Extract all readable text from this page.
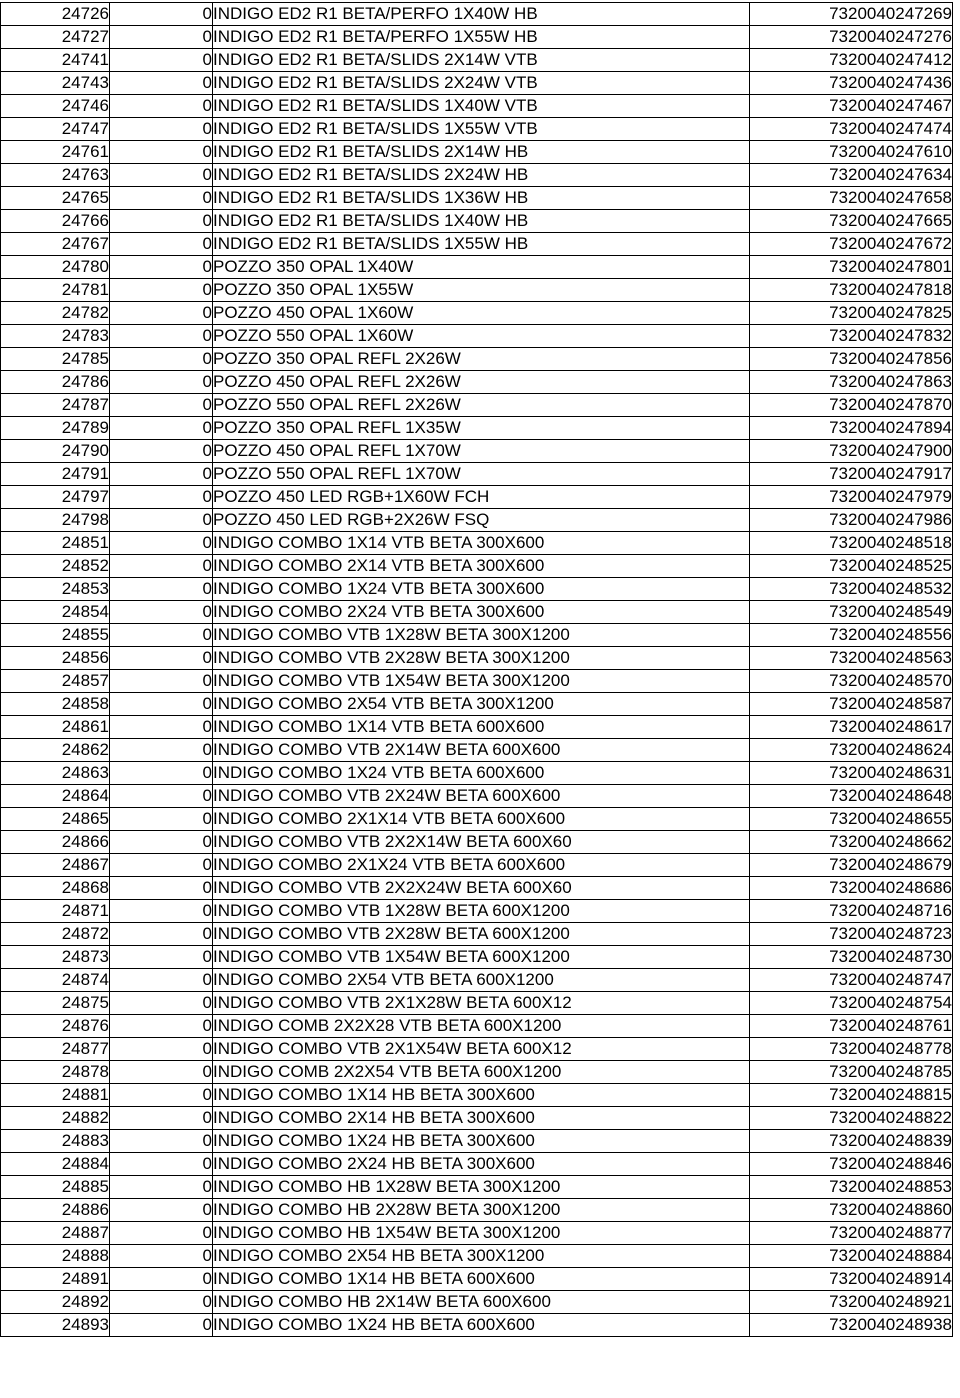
24726	0	INDIGO ED2 R1 BETA/PERFO 1X40W HB	7320040247269
24727	0	INDIGO ED2 R1 BETA/PERFO 1X55W HB	7320040247276
24741	0	INDIGO ED2 R1 BETA/SLIDS 2X14W VTB	7320040247412
24743	0	INDIGO ED2 R1 BETA/SLIDS 2X24W VTB	7320040247436
24746	0	INDIGO ED2 R1 BETA/SLIDS 1X40W VTB	7320040247467
24747	0	INDIGO ED2 R1 BETA/SLIDS 1X55W VTB	7320040247474
24761	0	INDIGO ED2 R1 BETA/SLIDS 2X14W HB	7320040247610
24763	0	INDIGO ED2 R1 BETA/SLIDS 2X24W HB	7320040247634
24765	0	INDIGO ED2 R1 BETA/SLIDS 1X36W HB	7320040247658
24766	0	INDIGO ED2 R1 BETA/SLIDS 1X40W HB	7320040247665
24767	0	INDIGO ED2 R1 BETA/SLIDS 1X55W HB	7320040247672
24780	0	POZZO 350 OPAL 1X40W	7320040247801
24781	0	POZZO 350 OPAL 1X55W	7320040247818
24782	0	POZZO 450 OPAL 1X60W	7320040247825
24783	0	POZZO 550 OPAL 1X60W	7320040247832
24785	0	POZZO 350 OPAL REFL 2X26W	7320040247856
24786	0	POZZO 450 OPAL REFL 2X26W	7320040247863
24787	0	POZZO 550 OPAL REFL 2X26W	7320040247870
24789	0	POZZO 350 OPAL REFL 1X35W	7320040247894
24790	0	POZZO 450 OPAL REFL 1X70W	7320040247900
24791	0	POZZO 550 OPAL REFL 1X70W	7320040247917
24797	0	POZZO 450 LED RGB+1X60W FCH	7320040247979
24798	0	POZZO 450 LED RGB+2X26W FSQ	7320040247986
24851	0	INDIGO COMBO 1X14 VTB BETA 300X600	7320040248518
24852	0	INDIGO COMBO 2X14 VTB BETA 300X600	7320040248525
24853	0	INDIGO COMBO 1X24 VTB BETA 300X600	7320040248532
24854	0	INDIGO COMBO 2X24 VTB BETA 300X600	7320040248549
24855	0	INDIGO COMBO VTB 1X28W BETA 300X1200	7320040248556
24856	0	INDIGO COMBO VTB 2X28W BETA 300X1200	7320040248563
24857	0	INDIGO COMBO VTB 1X54W BETA 300X1200	7320040248570
24858	0	INDIGO COMBO 2X54 VTB BETA 300X1200	7320040248587
24861	0	INDIGO COMBO 1X14 VTB BETA 600X600	7320040248617
24862	0	INDIGO COMBO VTB 2X14W BETA 600X600	7320040248624
24863	0	INDIGO COMBO 1X24 VTB BETA 600X600	7320040248631
24864	0	INDIGO COMBO VTB 2X24W BETA 600X600	7320040248648
24865	0	INDIGO COMBO 2X1X14 VTB BETA 600X600	7320040248655
24866	0	INDIGO COMBO VTB 2X2X14W BETA 600X60	7320040248662
24867	0	INDIGO COMBO 2X1X24 VTB BETA 600X600	7320040248679
24868	0	INDIGO COMBO VTB 2X2X24W BETA 600X60	7320040248686
24871	0	INDIGO COMBO VTB 1X28W BETA 600X1200	7320040248716
24872	0	INDIGO COMBO VTB 2X28W BETA 600X1200	7320040248723
24873	0	INDIGO COMBO VTB 1X54W BETA 600X1200	7320040248730
24874	0	INDIGO COMBO 2X54 VTB BETA 600X1200	7320040248747
24875	0	INDIGO COMBO VTB 2X1X28W BETA 600X12	7320040248754
24876	0	INDIGO COMB 2X2X28 VTB BETA 600X1200	7320040248761
24877	0	INDIGO COMBO VTB 2X1X54W BETA 600X12	7320040248778
24878	0	INDIGO COMB 2X2X54 VTB BETA 600X1200	7320040248785
24881	0	INDIGO COMBO 1X14 HB BETA 300X600	7320040248815
24882	0	INDIGO COMBO 2X14 HB BETA 300X600	7320040248822
24883	0	INDIGO COMBO 1X24 HB BETA 300X600	7320040248839
24884	0	INDIGO COMBO 2X24 HB BETA 300X600	7320040248846
24885	0	INDIGO COMBO HB 1X28W BETA 300X1200	7320040248853
24886	0	INDIGO COMBO HB 2X28W BETA 300X1200	7320040248860
24887	0	INDIGO COMBO HB 1X54W BETA 300X1200	7320040248877
24888	0	INDIGO COMBO 2X54 HB BETA 300X1200	7320040248884
24891	0	INDIGO COMBO 1X14 HB BETA 600X600	7320040248914
24892	0	INDIGO COMBO HB 2X14W BETA 600X600	7320040248921
24893	0	INDIGO COMBO 1X24 HB BETA 600X600	7320040248938
